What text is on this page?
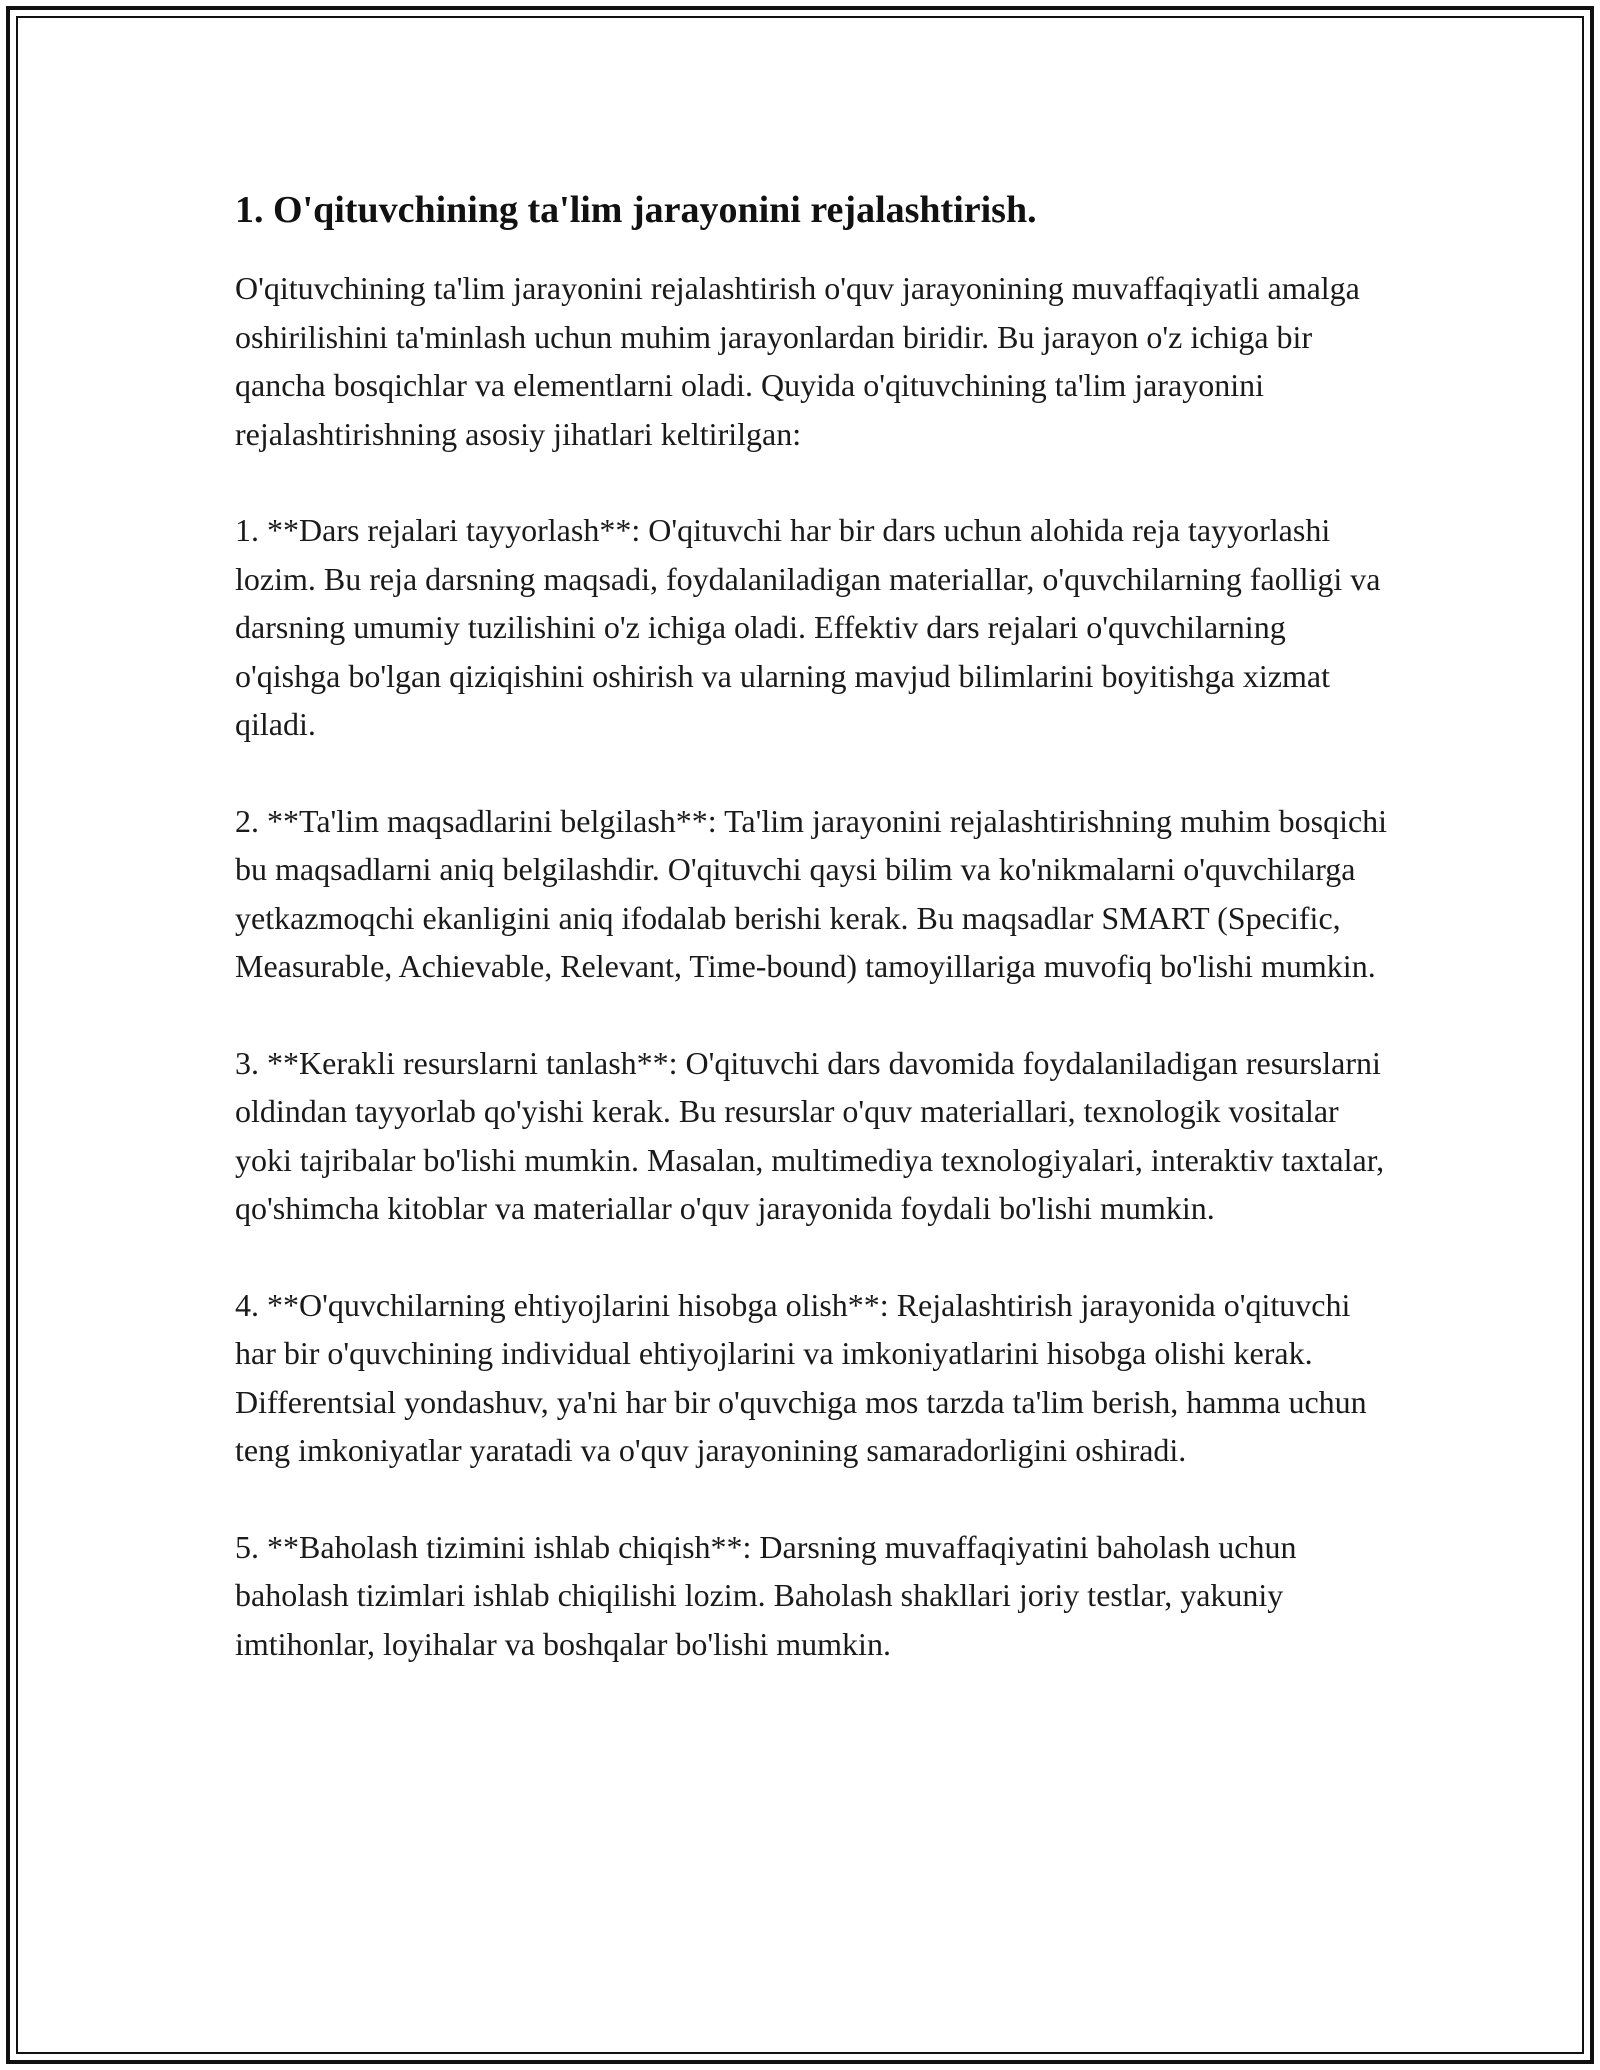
1. O'qituvchining ta'lim jarayonini rejalashtirish.

O'qituvchining ta'lim jarayonini rejalashtirish o'quv jarayonining muvaffaqiyatli amalga oshirilishini ta'minlash uchun muhim jarayonlardan biridir. Bu jarayon o'z ichiga bir qancha bosqichlar va elementlarni oladi. Quyida o'qituvchining ta'lim jarayonini rejalashtirishning asosiy jihatlari keltirilgan:

1. **Dars rejalari tayyorlash**: O'qituvchi har bir dars uchun alohida reja tayyorlashi lozim. Bu reja darsning maqsadi, foydalaniladigan materiallar, o'quvchilarning faolligi va darsning umumiy tuzilishini o'z ichiga oladi. Effektiv dars rejalari o'quvchilarning o'qishga bo'lgan qiziqishini oshirish va ularning mavjud bilimlarini boyitishga xizmat qiladi.

2. **Ta'lim maqsadlarini belgilash**: Ta'lim jarayonini rejalashtirishning muhim bosqichi bu maqsadlarni aniq belgilashdir. O'qituvchi qaysi bilim va ko'nikmalarni o'quvchilarga yetkazmoqchi ekanligini aniq ifodalab berishi kerak. Bu maqsadlar SMART (Specific, Measurable, Achievable, Relevant, Time-bound) tamoyillariga muvofiq bo'lishi mumkin.

3. **Kerakli resurslarni tanlash**: O'qituvchi dars davomida foydalaniladigan resurslarni oldindan tayyorlab qo'yishi kerak. Bu resurslar o'quv materiallari, texnologik vositalar yoki tajribalar bo'lishi mumkin. Masalan, multimediya texnologiyalari, interaktiv taxtalar, qo'shimcha kitoblar va materiallar o'quv jarayonida foydali bo'lishi mumkin.

4. **O'quvchilarning ehtiyojlarini hisobga olish**: Rejalashtirish jarayonida o'qituvchi har bir o'quvchining individual ehtiyojlarini va imkoniyatlarini hisobga olishi kerak. Differentsial yondashuv, ya'ni har bir o'quvchiga mos tarzda ta'lim berish, hamma uchun teng imkoniyatlar yaratadi va o'quv jarayonining samaradorligini oshiradi.

5. **Baholash tizimini ishlab chiqish**: Darsning muvaffaqiyatini baholash uchun baholash tizimlari ishlab chiqilishi lozim. Baholash shakllari joriy testlar, yakuniy imtihonlar, loyihalar va boshqalar bo'lishi mumkin.
